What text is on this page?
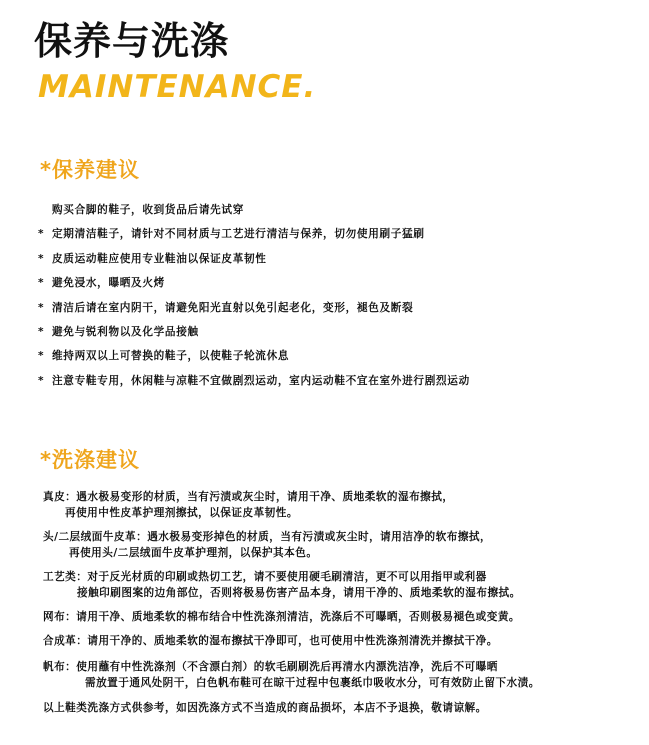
保养与洗涤
MAINTENANCE.
*保养建议
购买合脚的鞋子，收到货品后请先试穿
* 定期清洁鞋子，请针对不同材质与工艺进行清洁与保养，切勿使用刷子猛刷
* 皮质运动鞋应使用专业鞋油以保证皮革韧性
* 避免浸水，曝晒及火烤
* 清洁后请在室内阴干，请避免阳光直射以免引起老化，变形，褪色及断裂
* 避免与锐利物以及化学品接触
* 维持两双以上可替换的鞋子，以使鞋子轮流休息
* 注意专鞋专用，休闲鞋与凉鞋不宜做剧烈运动，室内运动鞋不宜在室外进行剧烈运动
*洗涤建议
真皮：遇水极易变形的材质，当有污渍或灰尘时，请用干净、质地柔软的湿布擦拭，
再使用中性皮革护理剂擦拭，以保证皮革韧性。
头/二层绒面牛皮革：遇水极易变形掉色的材质，当有污渍或灰尘时，请用洁净的软布擦拭，
再使用头/二层绒面牛皮革护理剂，以保护其本色。
工艺类：对于反光材质的印刷或热切工艺，请不要使用硬毛刷清洁，更不可以用指甲或利器
接触印刷图案的边角部位，否则将极易伤害产品本身，请用干净的、质地柔软的湿布擦拭。
网布：请用干净、质地柔软的棉布结合中性洗涤剂清洁，洗涤后不可曝晒，否则极易褪色或变黄。
合成革：请用干净的、质地柔软的湿布擦拭干净即可，也可使用中性洗涤剂清洗并擦拭干净。
帆布：使用蘸有中性洗涤剂（不含漂白剂）的软毛刷刷洗后再清水内漂洗洁净，洗后不可曝晒
需放置于通风处阴干，白色帆布鞋可在晾干过程中包裹纸巾吸收水分，可有效防止留下水渍。
以上鞋类洗涤方式供参考，如因洗涤方式不当造成的商品损坏，本店不予退换，敬请谅解。
